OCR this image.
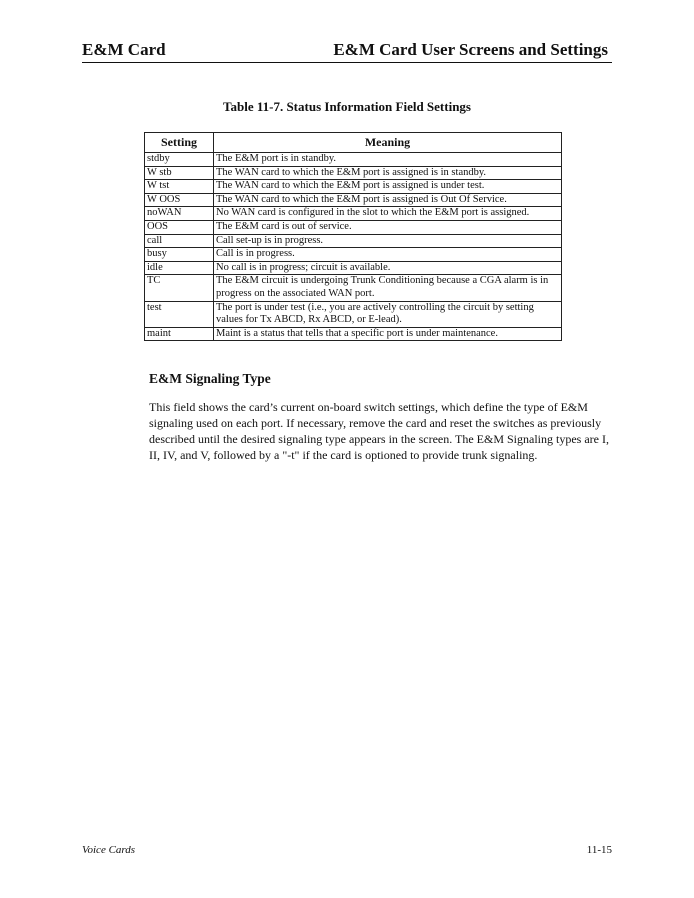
E&M Card	E&M Card User Screens and Settings
Table 11-7. Status Information Field Settings
Setting	Meaning
stdby	The E&M port is in standby.
W stb	The WAN card to which the E&M port is assigned is in standby.
W tst	The WAN card to which the E&M port is assigned is under test.
W OOS	The WAN card to which the E&M port is assigned is Out Of Service.
noWAN	No WAN card is configured in the slot to which the E&M port is assigned.
OOS	The E&M card is out of service.
call	Call set-up is in progress.
busy	Call is in progress.
idle	No call is in progress; circuit is available.
TC	The E&M circuit is undergoing Trunk Conditioning because a CGA alarm is in progress on the associated WAN port.
test	The port is under test (i.e., you are actively controlling the circuit by setting values for Tx ABCD, Rx ABCD, or E-lead).
maint	Maint is a status that tells that a specific port is under maintenance.
E&M Signaling Type

This field shows the card’s current on-board switch settings, which define the type of E&M signaling used on each port. If necessary, remove the card and reset the switches as previously described until the desired signaling type appears in the screen. The E&M Signaling types are I, II, IV, and V, followed by a "-t" if the card is optioned to provide trunk signaling.

Voice Cards	11-15
